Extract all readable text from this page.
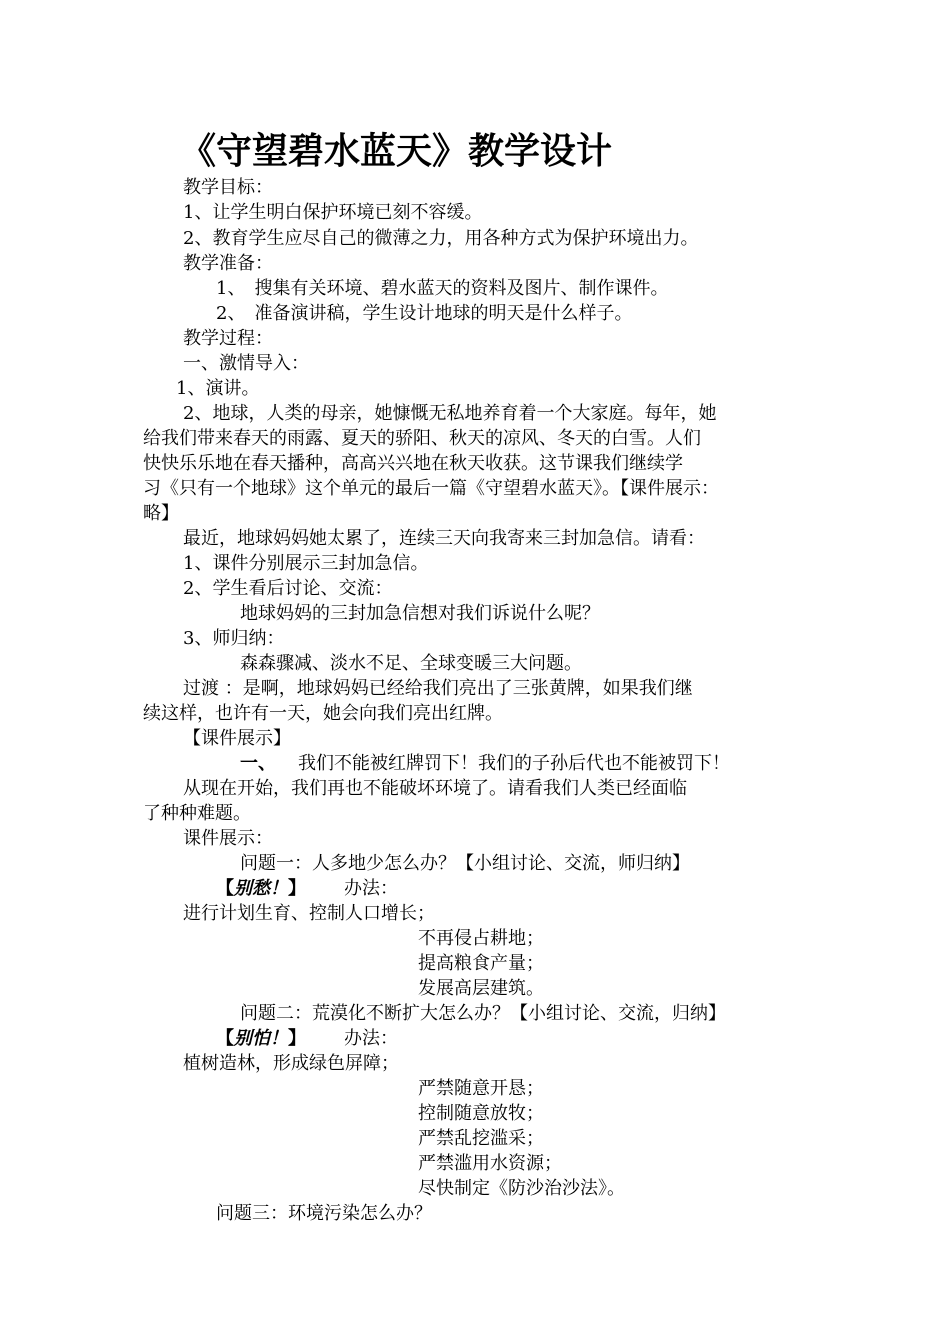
《守望碧水蓝天》教学设计
教学目标：
1、让学生明白保护环境已刻不容缓。
2、教育学生应尽自己的微薄之力，用各种方式为保护环境出力。
教学准备：
1、　搜集有关环境、碧水蓝天的资料及图片、制作课件。
2、　准备演讲稿，学生设计地球的明天是什么样子。
教学过程：
一、激情导入：
1、演讲。
2、地球，人类的母亲，她慷慨无私地养育着一个大家庭。每年，她
给我们带来春天的雨露、夏天的骄阳、秋天的凉风、冬天的白雪。人们
快快乐乐地在春天播种，高高兴兴地在秋天收获。这节课我们继续学
习《只有一个地球》这个单元的最后一篇《守望碧水蓝天》。【课件展示：
略】
最近，地球妈妈她太累了，连续三天向我寄来三封加急信。请看：
1、课件分别展示三封加急信。
2、学生看后讨论、交流：
地球妈妈的三封加急信想对我们诉说什么呢？
3、师归纳：
森森骤减、淡水不足、全球变暖三大问题。
过渡 ：是啊，地球妈妈已经给我们亮出了三张黄牌，如果我们继
续这样，也许有一天，她会向我们亮出红牌。
【课件展示】
一、 我们不能被红牌罚下！我们的子孙后代也不能被罚下！
从现在开始，我们再也不能破坏环境了。请看我们人类已经面临
了种种难题。
课件展示：
问题一：人多地少怎么办？【小组讨论、交流，师归纳】
【别愁！】 办法：
进行计划生育、控制人口增长；
不再侵占耕地；
提高粮食产量；
发展高层建筑。
问题二：荒漠化不断扩大怎么办？【小组讨论、交流，归纳】
【别怕！】 办法：
植树造林，形成绿色屏障；
严禁随意开恳；
控制随意放牧；
严禁乱挖滥采；
严禁滥用水资源；
尽快制定《防沙治沙法》。
问题三：环境污染怎么办？
